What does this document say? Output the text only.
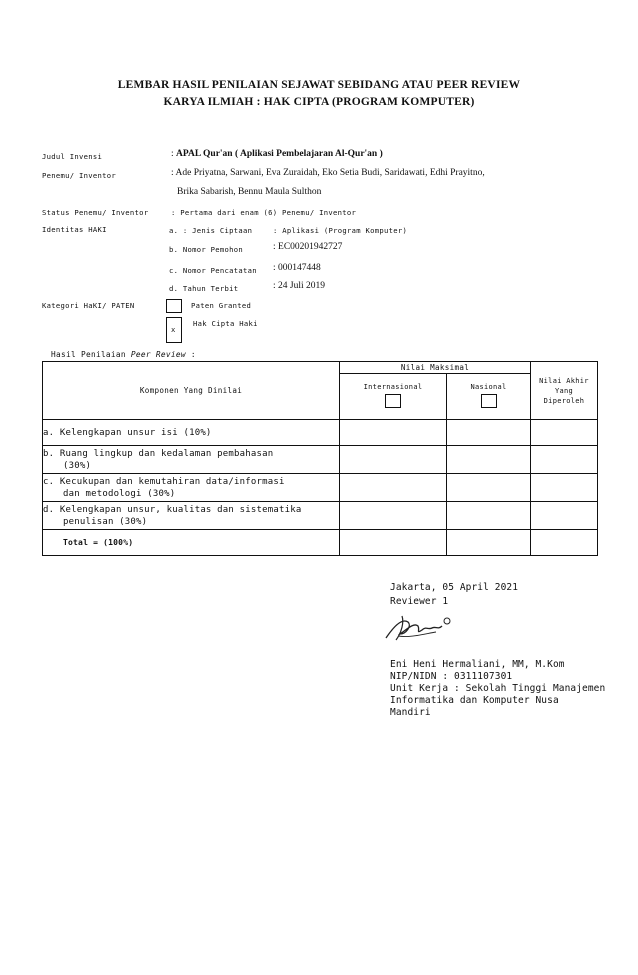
LEMBAR HASIL PENILAIAN SEJAWAT SEBIDANG ATAU PEER REVIEW
KARYA ILMIAH : HAK CIPTA (PROGRAM KOMPUTER)
Judul Invensi	: APAL Qur'an ( Aplikasi Pembelajaran Al-Qur'an )
Penemu/ Inventor	: Ade Priyatna, Sarwani, Eva Zuraidah, Eko Setia Budi, Saridawati, Edhi Prayitno,
Brika Sabarish, Bennu Maula Sulthon
Status Penemu/ Inventor	: Pertama dari enam (6) Penemu/ Inventor
Identitas HAKI	a. : Jenis Ciptaan	: Aplikasi (Program Komputer)
b. Nomor Pemohon	: EC00201942727
c. Nomor Pencatatan : 000147448
d. Tahun Terbit	: 24 Juli 2019
Kategori HaKI/ PATEN	Paten Granted
x
Hak Cipta Haki
Hasil Penilaian Peer Review :
Komponen Yang Dinilai	Nilai Maksimal		Nilai Akhir
Yang
Diperoleh
	Internasional	Nasional	

a. Kelengkapan unsur isi (10%)			
b. Ruang lingkup dan kedalaman pembahasan
(30%)			

c. Kecukupan dan kemutahiran data/informasi
dan metodologi (30%)			

d. Kelengkapan unsur, kualitas dan sistematika
penulisan (30%)			

Total = (100%)			
Jakarta, 05 April 2021
Reviewer 1
Eni Heni Hermaliani, MM, M.Kom
NIP/NIDN : 0311107301
Unit Kerja : Sekolah Tinggi Manajemen
Informatika dan Komputer Nusa
Mandiri
